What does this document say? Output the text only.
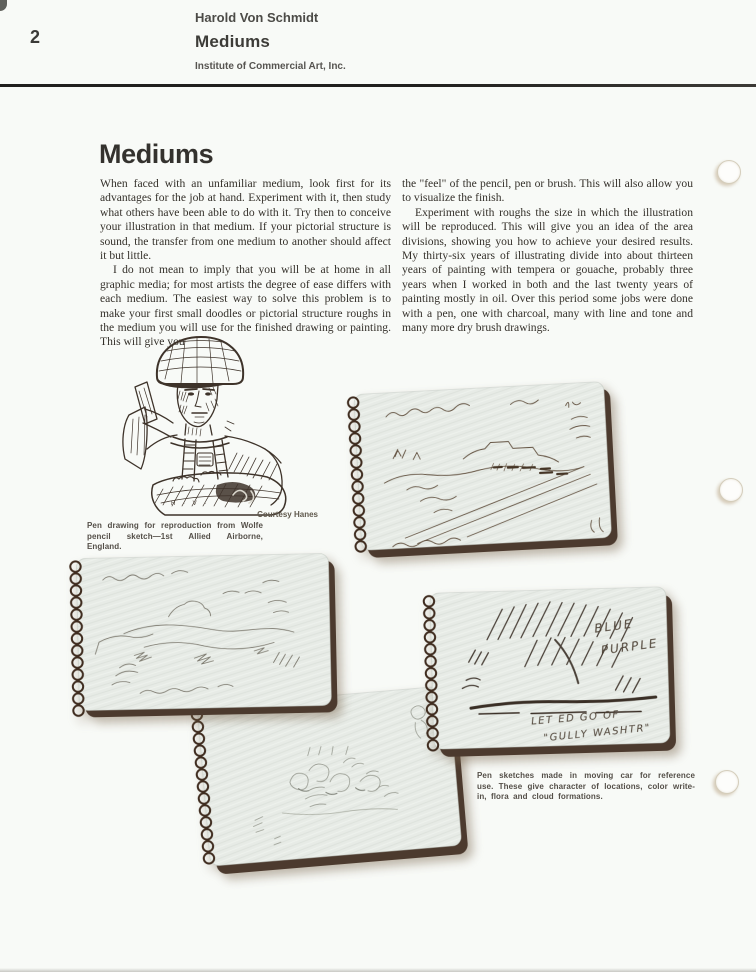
2
Harold Von Schmidt
Mediums
Institute of Commercial Art, Inc.
Mediums

When faced with an unfamiliar medium, look first for its advantages for the job at hand. Experiment with it, then study what others have been able to do with it. Try then to conceive your illustration in that medium. If your pictorial structure is sound, the transfer from one medium to another should affect it but little.

I do not mean to imply that you will be at home in all graphic media; for most artists the degree of ease differs with each medium. The easiest way to solve this problem is to make your first small doodles or pictorial structure roughs in the medium you will use for the finished drawing or painting. This will give you

the "feel" of the pencil, pen or brush. This will also allow you to visualize the finish.

Experiment with roughs the size in which the illustration will be reproduced. This will give you an idea of the area divisions, showing you how to achieve your desired results. My thirty-six years of illustrating divide into about thirteen years of painting with tempera or gouache, probably three years when I worked in both and the last twenty years of painting mostly in oil. Over this period some jobs were done with a pen, one with charcoal, many with line and tone and many more dry brush drawings.

H · V ·
Courtesy Hanes
Pen drawing for reproduction from Wolfe pencil sketch—1st Allied Airborne, England.
BLUE
PURPLE
LET ED GO OF
"GULLY WASHTR"
Pen sketches made in moving car for reference use. These give character of locations, color write-in, flora and cloud formations.
